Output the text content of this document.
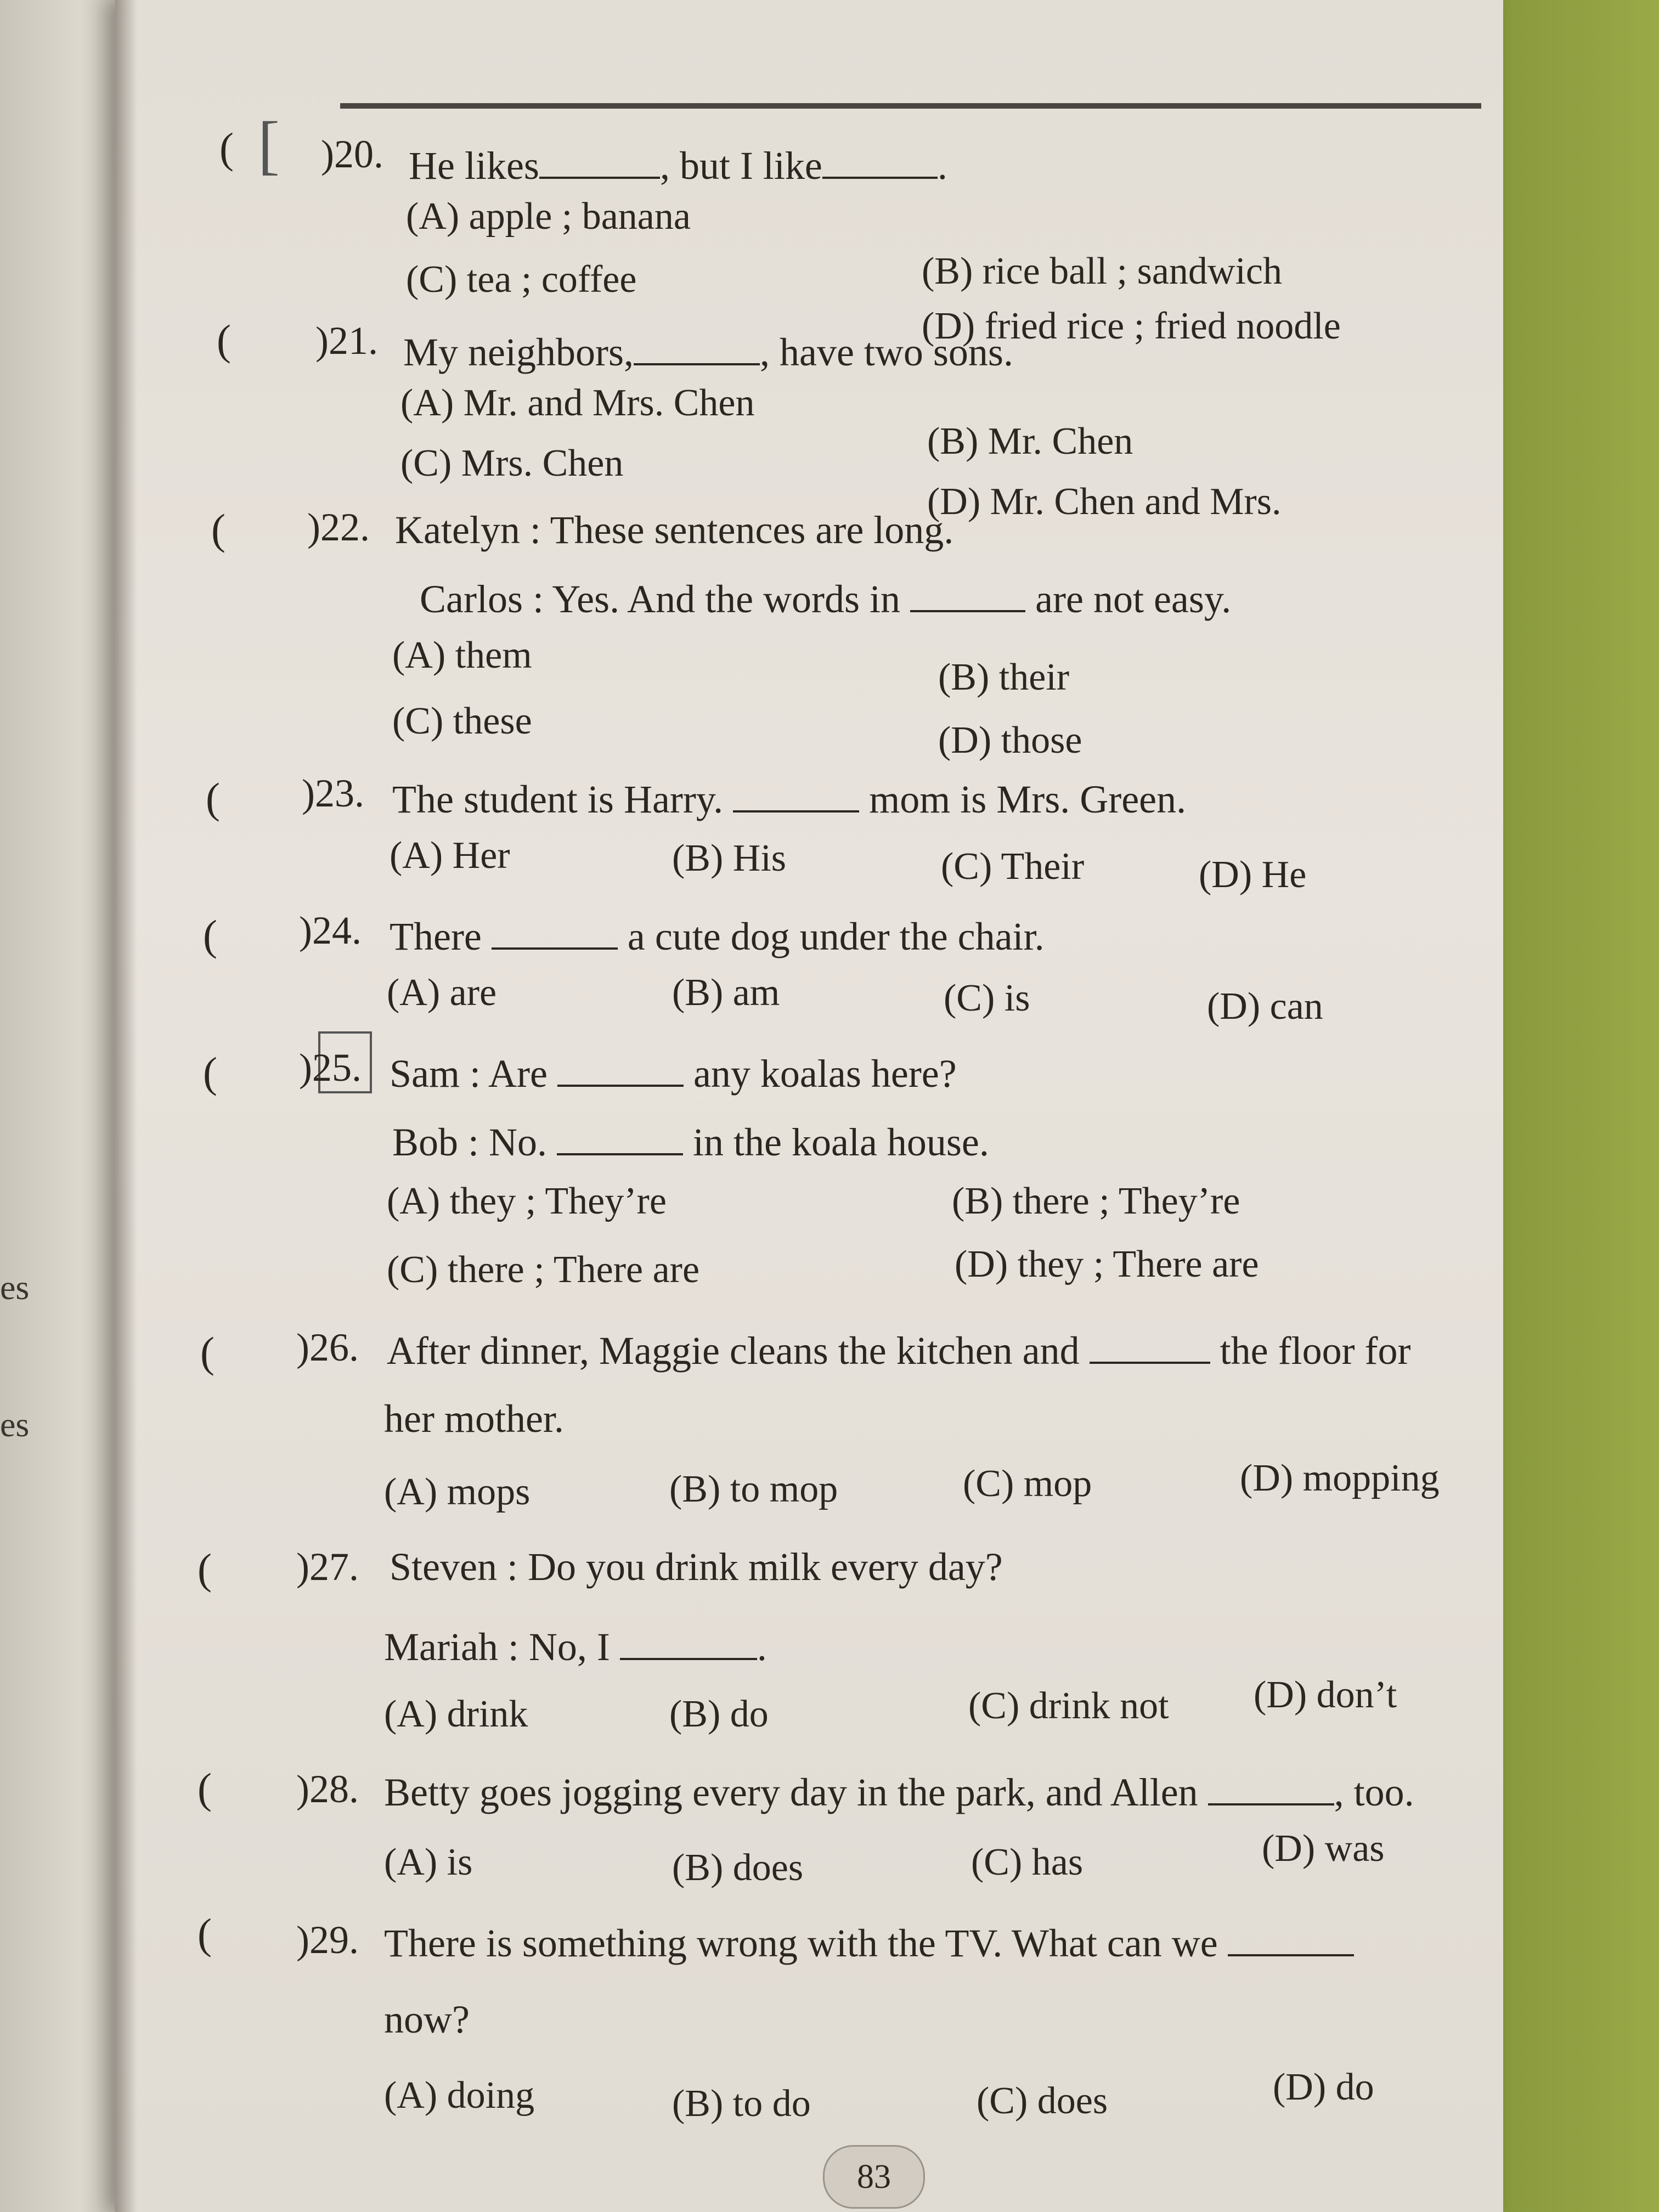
es
es
( [ )20. He likes	, but I like	.
(A) apple ; banana
(B) rice ball ; sandwich
(C) tea ; coffee
(D) fried rice ; fried noodle
( )21. My neighbors,	, have two sons.
(A) Mr. and Mrs. Chen
(B) Mr. Chen
(C) Mrs. Chen
(D) Mr. Chen and Mrs.
( )22. Katelyn : These sentences are long.
Carlos : Yes. And the words in	are not easy.
(A) them
(B) their
(C) these	(D) those
( )23. The student is Harry.	mom is Mrs. Green.
(A) Her	(B) His	(C) Their	(D) He
( )24. There	a cute dog under the chair.
(A) are	(B) am	(C) is	(D) can
( )25. Sam : Are	any koalas here?
Bob : No.	in the koala house.
(A) they ; They’re	(B) there ; They’re
(C) there ; There are	(D) they ; There are
( )26. After dinner, Maggie cleans the kitchen and	the floor for
her mother.
(A) mops	(B) to mop	(C) mop	(D) mopping
( )27. Steven : Do you drink milk every day?
Mariah : No, I	.
(A) drink	(B) do	(C) drink not (D) don’t
( )28. Betty goes jogging every day in the park, and Allen	, too.
(A) is	(B) does	(C) has	(D) was
( )29. There is something wrong with the TV. What can we
now?
(A) doing	(B) to do	(C) does	(D) do
83
